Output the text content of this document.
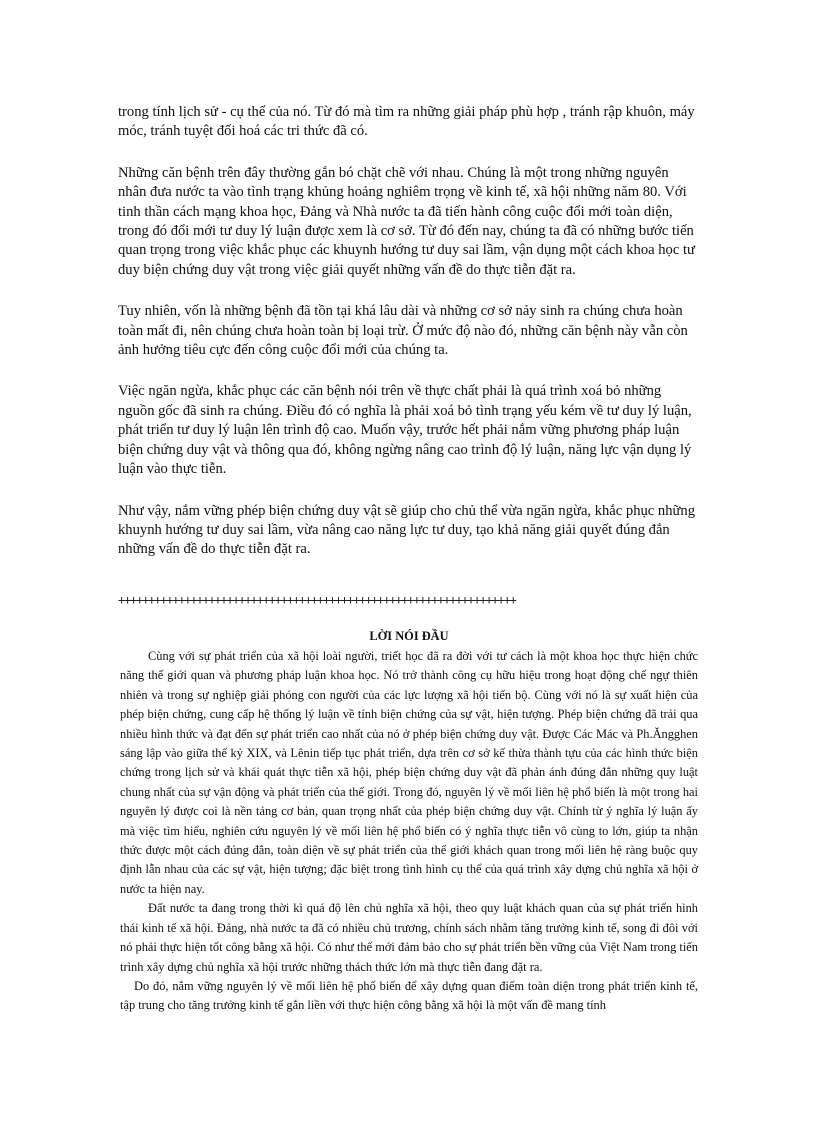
trong tính lịch sử - cụ thể của nó. Từ đó mà tìm ra những giải pháp phù hợp , tránh rập khuôn, máy móc, tránh tuyệt đối hoá các tri thức đã có.

Những căn bệnh trên đây thường gắn bó chặt chẽ với nhau. Chúng là một trong những nguyên nhân đưa nước ta vào tình trạng khủng hoảng nghiêm trọng về kinh tế, xã hội những năm 80. Với tinh thần cách mạng khoa học, Đảng và Nhà nước ta đã tiến hành công cuộc đổi mới toàn diện, trong đó đổi mới tư duy lý luận được xem là cơ sở. Từ đó đến nay, chúng ta đã có những bước tiến quan trọng trong việc khắc phục các khuynh hướng tư duy sai lầm, vận dụng một cách khoa học tư duy biện chứng duy vật trong việc giải quyết những vấn đề do thực tiễn đặt ra.

Tuy nhiên, vốn là những bệnh đã tồn tại khá lâu dài và những cơ sở nảy sinh ra chúng chưa hoàn toàn mất đi, nên chúng chưa hoàn toàn bị loại trừ. Ở mức độ nào đó, những căn bệnh này vẫn còn ảnh hưởng tiêu cực đến công cuộc đổi mới của chúng ta.

Việc ngăn ngừa, khắc phục các căn bệnh nói trên về thực chất phải là quá trình xoá bỏ những nguồn gốc đã sinh ra chúng. Điều đó có nghĩa là phải xoá bỏ tình trạng yếu kém về tư duy lý luận, phát triển tư duy lý luận lên trình độ cao. Muốn vậy, trước hết phải nắm vững phương pháp luận biện chứng duy vật và thông qua đó, không ngừng nâng cao trình độ lý luận, năng lực vận dụng lý luận vào thực tiễn.

Như vậy, nắm vững phép biện chứng duy vật sẽ giúp cho chủ thể vừa ngăn ngừa, khắc phục những khuynh hướng tư duy sai lầm, vừa nâng cao năng lực tư duy, tạo khả năng giải quyết đúng đắn những vấn đề do thực tiễn đặt ra.

++++++++++++++++++++++++++++++++++++++++++++++++++++++++++++++++++
LỜI NÓI ĐẦU

Cùng với sự phát triển của xã hội loài người, triết học đã ra đời với tư cách là một khoa học thực hiện chức năng thế giới quan và phương pháp luận khoa học. Nó trở thành công cụ hữu hiệu trong hoạt động chế ngự thiên nhiên và trong sự nghiệp giải phóng con người của các lực lượng xã hội tiến bộ. Cùng với nó là sự xuất hiện của phép biện chứng, cung cấp hệ thống lý luận về tính biện chứng của sự vật, hiện tượng. Phép biện chứng đã trải qua nhiều hình thức và đạt đến sự phát triển cao nhất của nó ở phép biện chứng duy vật. Được Các Mác và Ph.Ăngghen sáng lập vào giữa thế kỷ XIX, và Lênin tiếp tục phát triển, dựa trên cơ sở kế thừa thành tựu của các hình thức biện chứng trong lịch sử và khái quát thực tiễn xã hội, phép biện chứng duy vật đã phản ánh đúng đắn những quy luật chung nhất của sự vận động và phát triển của thế giới. Trong đó, nguyên lý về mối liên hệ phổ biến là một trong hai nguyên lý được coi là nền tảng cơ bản, quan trọng nhất của phép biện chứng duy vật. Chính từ ý nghĩa lý luận ấy mà việc tìm hiểu, nghiên cứu nguyên lý về mối liên hệ phổ biến có ý nghĩa thực tiễn vô cùng to lớn, giúp ta nhận thức được một cách đúng đắn, toàn diện về sự phát triển của thế giới khách quan trong mối liên hệ ràng buộc quy định lẫn nhau của các sự vật, hiện tượng; đặc biệt trong tình hình cụ thể của quá trình xây dựng chủ nghĩa xã hội ở nước ta hiện nay.

Đất nước ta đang trong thời kì quá độ lên chủ nghĩa xã hội, theo quy luật khách quan của sự phát triển hình thái kinh tế xã hội. Đảng, nhà nước ta đã có nhiều chủ trương, chính sách nhằm tăng trưởng kinh tế, song đi đôi với nó phải thực hiện tốt công bằng xã hội. Có như thế mới đảm bảo cho sự phát triển bền vững của Việt Nam trong tiến trình xây dựng chủ nghĩa xã hội trước những thách thức lớn mà thực tiễn đang đặt ra.

Do đó, nắm vững nguyên lý về mối liên hệ phổ biến để xây dựng quan điểm toàn diện trong phát triển kinh tế, tập trung cho tăng trưởng kinh tế gắn liền với thực hiện công bằng xã hội là một vấn đề mang tính
